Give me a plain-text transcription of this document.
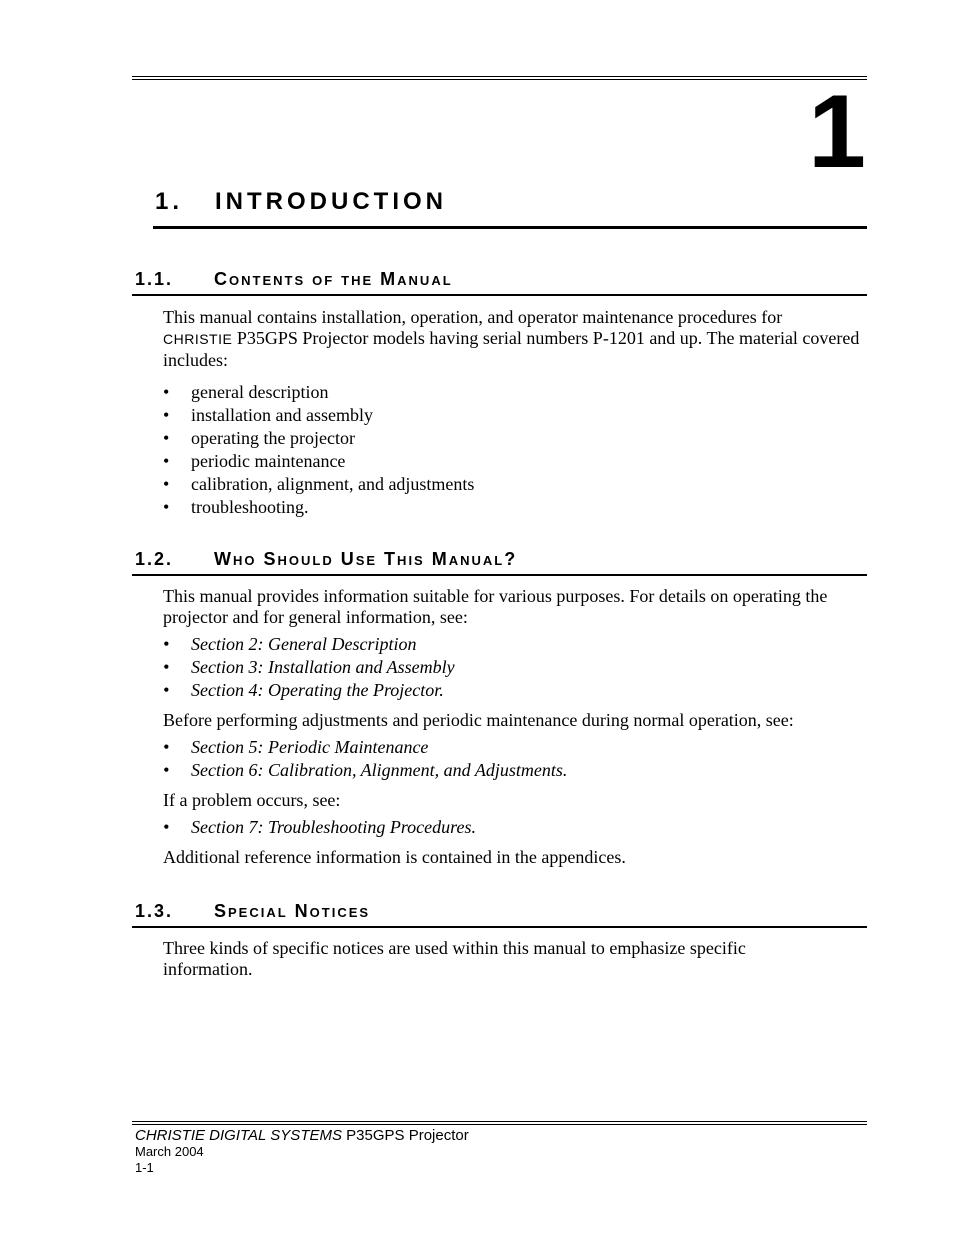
1
1. INTRODUCTION
1.1. Contents of the Manual

This manual contains installation, operation, and operator maintenance procedures for
CHRISTIE P35GPS Projector models having serial numbers P-1201 and up. The material covered includes:

• general description
• installation and assembly
• operating the projector
• periodic maintenance
• calibration, alignment, and adjustments
• troubleshooting.
1.2. Who Should Use This Manual?

This manual provides information suitable for various purposes. For details on operating the projector and for general information, see:

• Section 2: General Description
• Section 3: Installation and Assembly
• Section 4: Operating the Projector.

Before performing adjustments and periodic maintenance during normal operation, see:

• Section 5: Periodic Maintenance
• Section 6: Calibration, Alignment, and Adjustments.

If a problem occurs, see:

• Section 7: Troubleshooting Procedures.

Additional reference information is contained in the appendices.

1.3. Special Notices

Three kinds of specific notices are used within this manual to emphasize specific information.

CHRISTIE DIGITAL SYSTEMS P35GPS Projector
March 2004
1-1
